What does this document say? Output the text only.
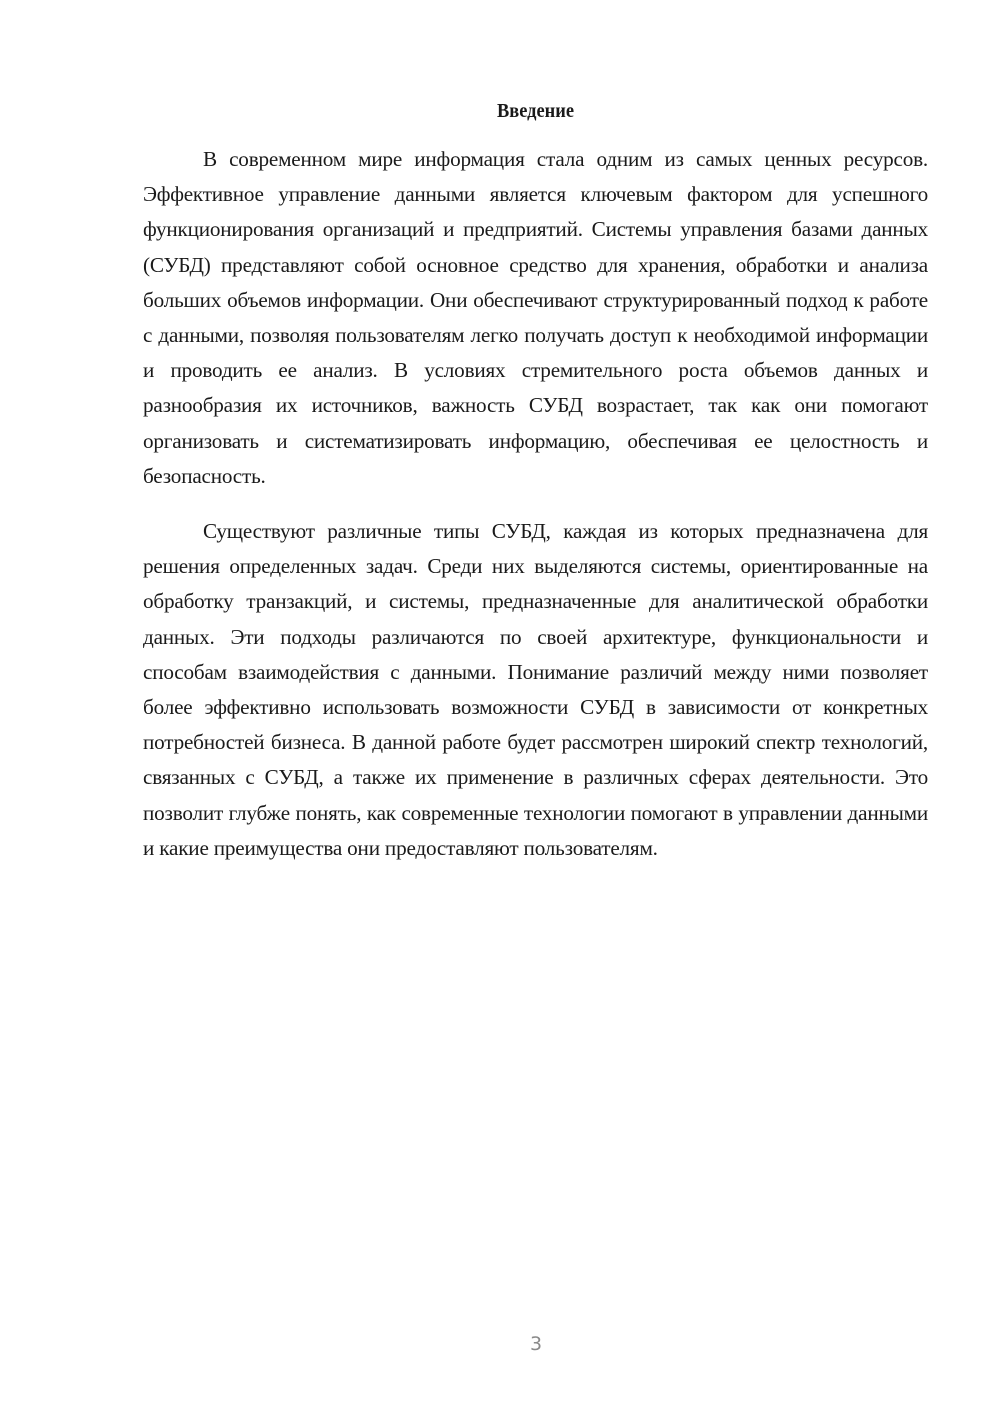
Введение

В современном мире информация стала одним из самых ценных ресурсов. Эффективное управление данными является ключевым фактором для успешного функционирования организаций и предприятий. Системы управления базами данных (СУБД) представляют собой основное средство для хранения, обработки и анализа больших объемов информации. Они обеспечивают структурированный подход к работе с данными, позволяя пользователям легко получать доступ к необходимой информации и проводить ее анализ. В условиях стремительного роста объемов данных и разнообразия их источников, важность СУБД возрастает, так как они помогают организовать и систематизировать информацию, обеспечивая ее целостность и безопасность.

Существуют различные типы СУБД, каждая из которых предназначена для решения определенных задач. Среди них выделяются системы, ориентированные на обработку транзакций, и системы, предназначенные для аналитической обработки данных. Эти подходы различаются по своей архитектуре, функциональности и способам взаимодействия с данными. Понимание различий между ними позволяет более эффективно использовать возможности СУБД в зависимости от конкретных потребностей бизнеса. В данной работе будет рассмотрен широкий спектр технологий, связанных с СУБД, а также их применение в различных сферах деятельности. Это позволит глубже понять, как современные технологии помогают в управлении данными и какие преимущества они предоставляют пользователям.

3
